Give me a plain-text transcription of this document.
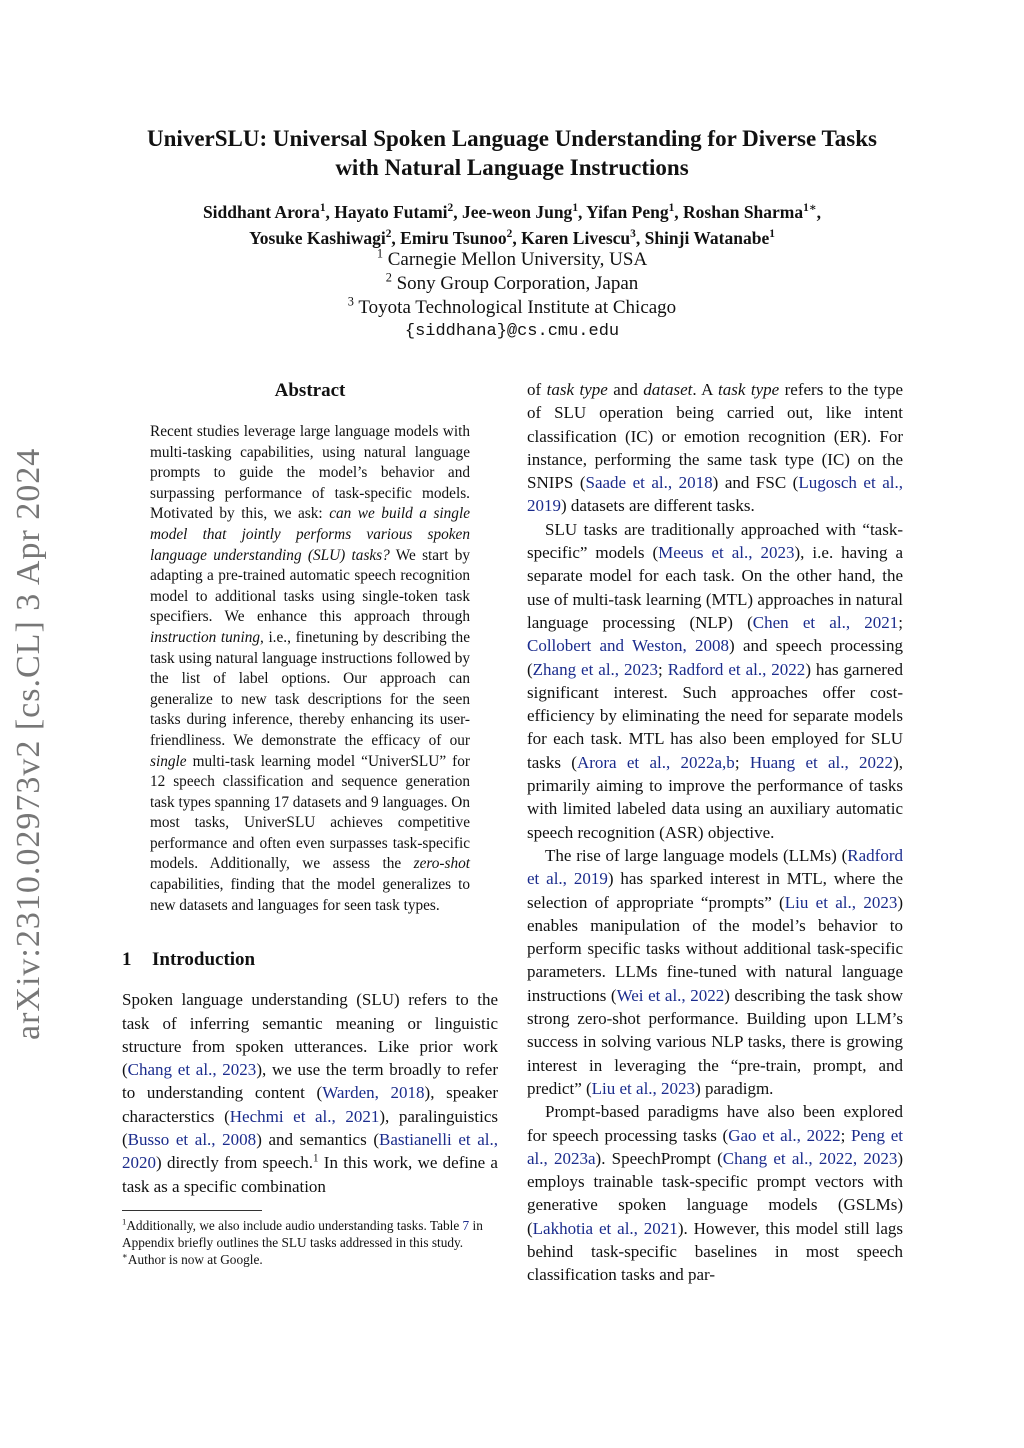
arXiv:2310.02973v2 [cs.CL] 3 Apr 2024
UniverSLU: Universal Spoken Language Understanding for Diverse Tasks
with Natural Language Instructions
Siddhant Arora$^1$, Hayato Futami$^2$, Jee-weon Jung$^1$, Yifan Peng$^1$, Roshan Sharma$^{1∗}$,
Yosuke Kashiwagi$^2$, Emiru Tsunoo$^2$, Karen Livescu$^3$, Shinji Watanabe$^1$
$^1$ Carnegie Mellon University, USA
$^2$ Sony Group Corporation, Japan
$^3$ Toyota Technological Institute at Chicago
{siddhana}@cs.cmu.edu
Abstract

Recent studies leverage large language models with multi-tasking capabilities, using natural language prompts to guide the model’s behavior and surpassing performance of task-specific models. Motivated by this, we ask: can we build a single model that jointly performs various spoken language understanding (SLU) tasks? We start by adapting a pre-trained automatic speech recognition model to additional tasks using single-token task specifiers. We enhance this approach through instruction tuning, i.e., finetuning by describing the task using natural language instructions followed by the list of label options. Our approach can generalize to new task descriptions for the seen tasks during inference, thereby enhancing its user-friendliness. We demonstrate the efficacy of our single multi-task learning model “UniverSLU” for 12 speech classification and sequence generation task types spanning 17 datasets and 9 languages. On most tasks, UniverSLU achieves competitive performance and often even surpasses task-specific models. Additionally, we assess the zero-shot capabilities, finding that the model generalizes to new datasets and languages for seen task types.

1 Introduction

Spoken language understanding (SLU) refers to the task of inferring semantic meaning or linguistic structure from spoken utterances. Like prior work (Chang et al., 2023), we use the term broadly to refer to understanding content (Warden, 2018), speaker characterstics (Hechmi et al., 2021), paralinguistics (Busso et al., 2008) and semantics (Bastianelli et al., 2020) directly from speech.$^1$ In this work, we define a task as a specific combination

$^1$Additionally, we also include audio understanding tasks. Table 7 in Appendix briefly outlines the SLU tasks addressed in this study.

∗Author is now at Google.

of task type and dataset. A task type refers to the type of SLU operation being carried out, like intent classification (IC) or emotion recognition (ER). For instance, performing the same task type (IC) on the SNIPS (Saade et al., 2018) and FSC (Lugosch et al., 2019) datasets are different tasks.

SLU tasks are traditionally approached with “task-specific” models (Meeus et al., 2023), i.e. having a separate model for each task. On the other hand, the use of multi-task learning (MTL) approaches in natural language processing (NLP) (Chen et al., 2021; Collobert and Weston, 2008) and speech processing (Zhang et al., 2023; Radford et al., 2022) has garnered significant interest. Such approaches offer cost-efficiency by eliminating the need for separate models for each task. MTL has also been employed for SLU tasks (Arora et al., 2022a,b; Huang et al., 2022), primarily aiming to improve the performance of tasks with limited labeled data using an auxiliary automatic speech recognition (ASR) objective.

The rise of large language models (LLMs) (Radford et al., 2019) has sparked interest in MTL, where the selection of appropriate “prompts” (Liu et al., 2023) enables manipulation of the model’s behavior to perform specific tasks without additional task-specific parameters. LLMs fine-tuned with natural language instructions (Wei et al., 2022) describing the task show strong zero-shot performance. Building upon LLM’s success in solving various NLP tasks, there is growing interest in leveraging the “pre-train, prompt, and predict” (Liu et al., 2023) paradigm.

Prompt-based paradigms have also been explored for speech processing tasks (Gao et al., 2022; Peng et al., 2023a). SpeechPrompt (Chang et al., 2022, 2023) employs trainable task-specific prompt vectors with generative spoken language models (GSLMs) (Lakhotia et al., 2021). However, this model still lags behind task-specific baselines in most speech classification tasks and par-
